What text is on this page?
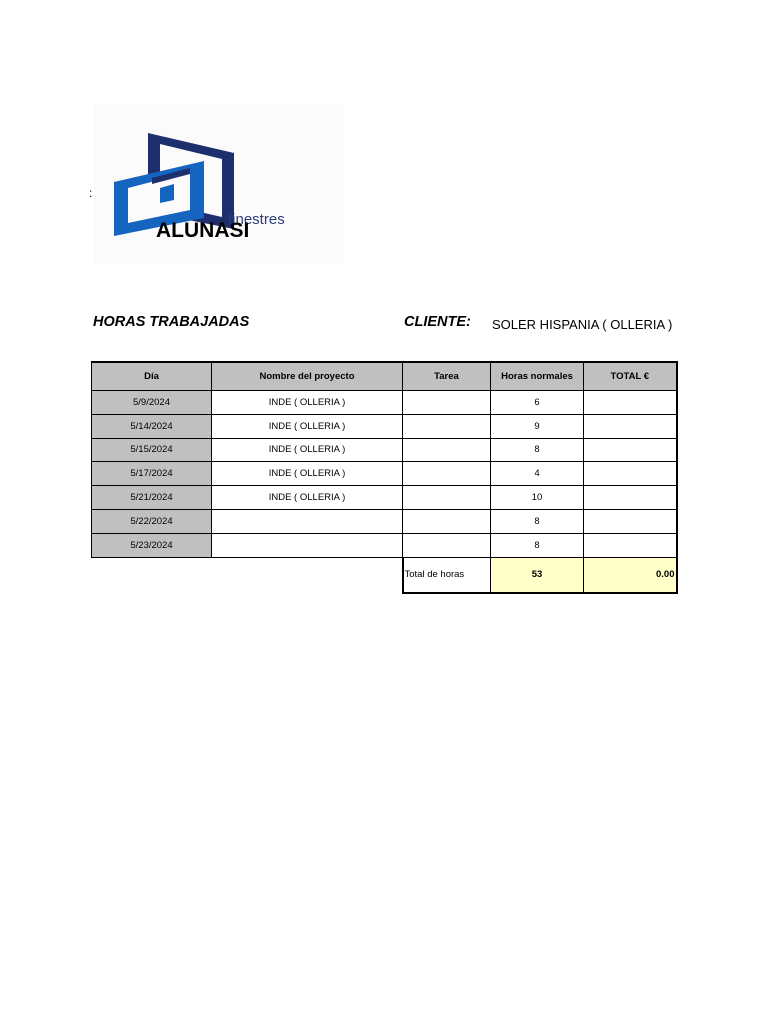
finestres
ALUNASI
:
HORAS TRABAJADAS	CLIENTE: SOLER HISPANIA ( OLLERIA )
Día	Nombre del proyecto	Tarea	Horas normales	TOTAL €
5/9/2024	INDE ( OLLERIA )		6	
5/14/2024	INDE ( OLLERIA )		9	
5/15/2024	INDE ( OLLERIA )		8	
5/17/2024	INDE ( OLLERIA )		4	
5/21/2024	INDE ( OLLERIA )		10	
5/22/2024			8	
5/23/2024			8	
		Total de horas	53	0.00
